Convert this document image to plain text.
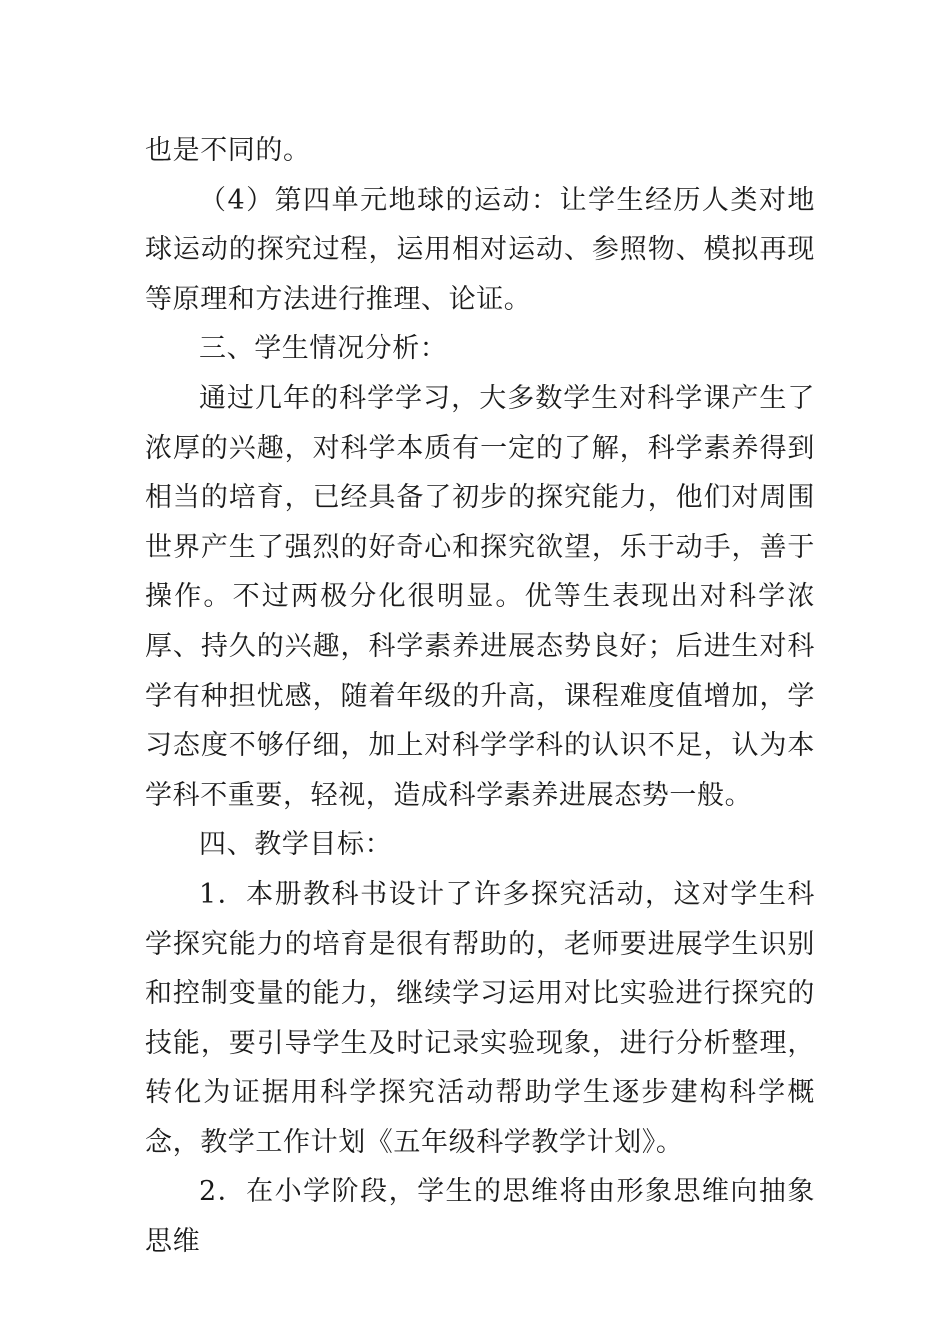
也是不同的。

（4）第四单元地球的运动：让学生经历人类对地球运动的探究过程，运用相对运动、参照物、模拟再现等原理和方法进行推理、论证。

三、学生情况分析：

通过几年的科学学习，大多数学生对科学课产生了浓厚的兴趣，对科学本质有一定的了解，科学素养得到相当的培育，已经具备了初步的探究能力，他们对周围世界产生了强烈的好奇心和探究欲望，乐于动手，善于操作。不过两极分化很明显。优等生表现出对科学浓厚、持久的兴趣，科学素养进展态势良好；后进生对科学有种担忧感，随着年级的升高，课程难度值增加，学习态度不够仔细，加上对科学学科的认识不足，认为本学科不重要，轻视，造成科学素养进展态势一般。

四、教学目标：

1．本册教科书设计了许多探究活动，这对学生科学探究能力的培育是很有帮助的，老师要进展学生识别和控制变量的能力，继续学习运用对比实验进行探究的技能，要引导学生及时记录实验现象，进行分析整理，转化为证据用科学探究活动帮助学生逐步建构科学概念，教学工作计划《五年级科学教学计划》。

2．在小学阶段，学生的思维将由形象思维向抽象思维
